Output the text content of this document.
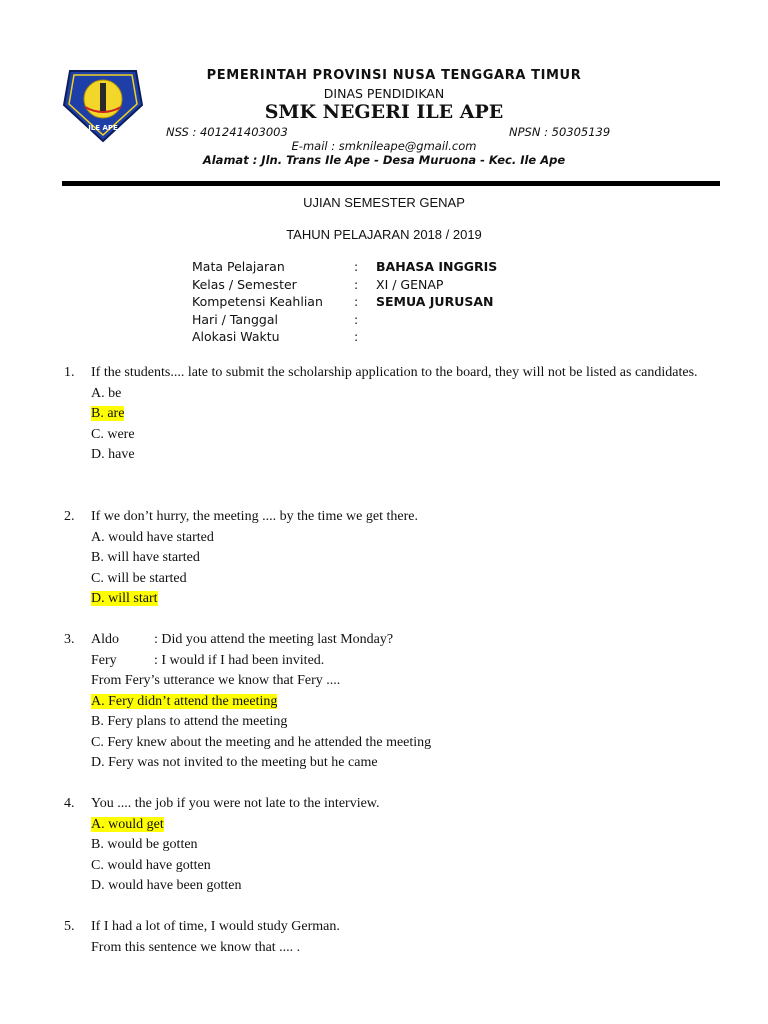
ILE APE
PEMERINTAH PROVINSI NUSA TENGGARA TIMUR
DINAS PENDIDIKAN
SMK NEGERI ILE APE
NSS : 401241403003	NPSN : 50305139
E-mail : smknileape@gmail.com
Alamat : Jln. Trans Ile Ape - Desa Muruona - Kec. Ile Ape
UJIAN SEMESTER GENAP
TAHUN PELAJARAN 2018 / 2019
Mata Pelajaran	: BAHASA INGGRIS
Kelas / Semester	: XI / GENAP
Kompetensi Keahlian : SEMUA JURUSAN
Hari / Tanggal	:
Alokasi Waktu	:
1. If the students.... late to submit the scholarship application to the board, they will not be listed as candidates.
A. be
B. are
C. were
D. have
2. If we don’t hurry, the meeting .... by the time we get there.
A. would have started
B. will have started
C. will be started
D. will start
3. Aldo	: Did you attend the meeting last Monday?
Fery	: I would if I had been invited.
From Fery’s utterance we know that Fery ....
A. Fery didn’t attend the meeting
B. Fery plans to attend the meeting
C. Fery knew about the meeting and he attended the meeting
D. Fery was not invited to the meeting but he came
4. You .... the job if you were not late to the interview.
A. would get
B. would be gotten
C. would have gotten
D. would have been gotten
5. If I had a lot of time, I would study German.
From this sentence we know that .... .
